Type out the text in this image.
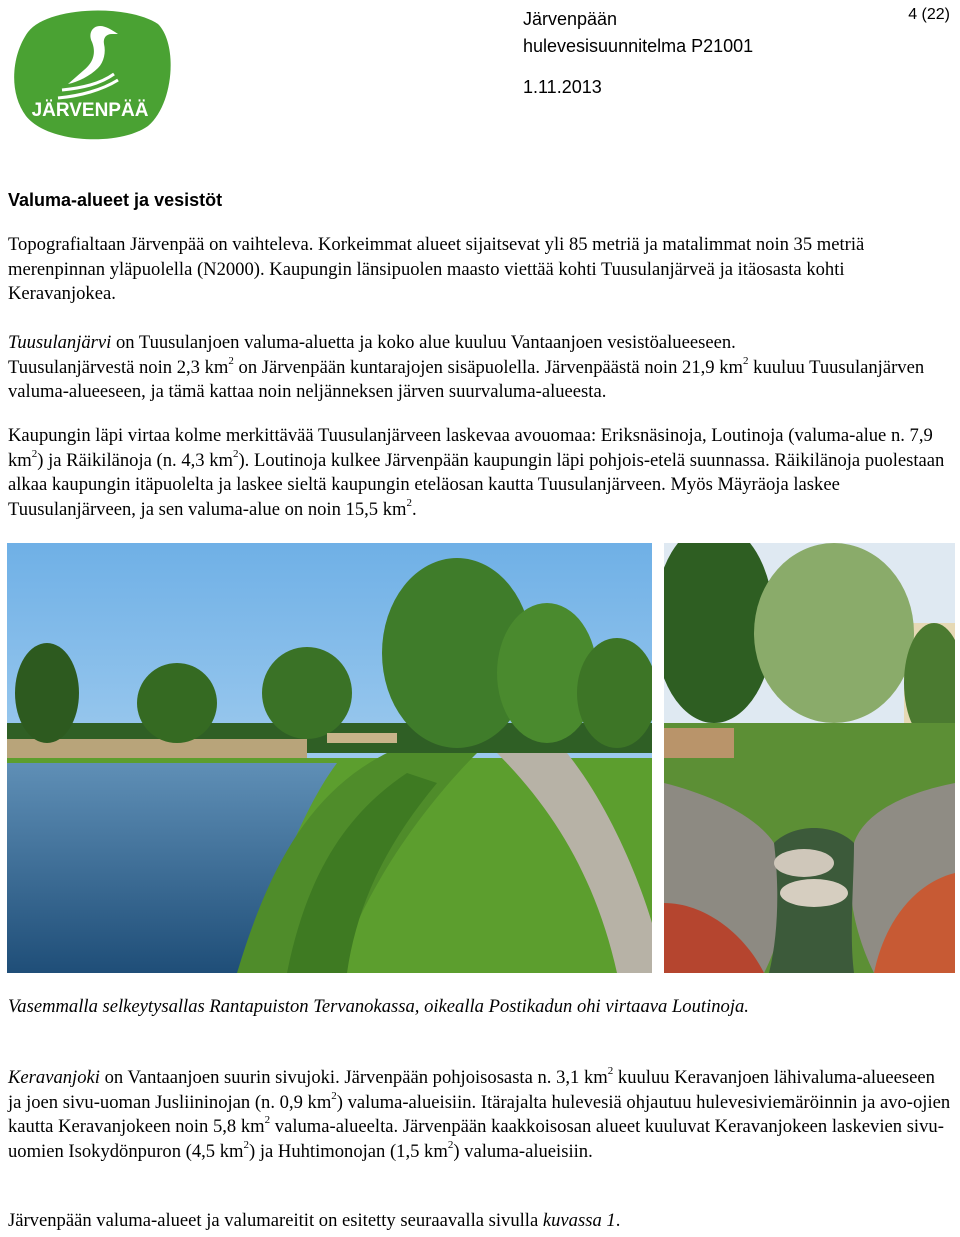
JÄRVENPÄÄ
Järvenpään
hulevesisuunnitelma P21001
1.11.2013
4 (22)
Valuma-alueet ja vesistöt
Topografialtaan Järvenpää on vaihteleva. Korkeimmat alueet sijaitsevat yli 85 metriä ja matalimmat noin 35 metriä merenpinnan yläpuolella (N2000). Kaupungin länsipuolen maasto viettää kohti Tuusulanjärveä ja itäosasta kohti Keravanjokea.
Tuusulanjärvi on Tuusulanjoen valuma-aluetta ja koko alue kuuluu Vantaanjoen vesistöalueeseen.
Tuusulanjärvestä noin 2,3 $km^2$ on Järvenpään kuntarajojen sisäpuolella. Järvenpäästä noin 21,9 $km^2$ kuuluu Tuusulanjärven valuma-alueeseen, ja tämä kattaa noin neljänneksen järven suurvaluma-alueesta.
Kaupungin läpi virtaa kolme merkittävää Tuusulanjärveen laskevaa avouomaa: Eriksnäsinoja, Loutinoja (valuma-alue n. 7,9 $km^2$) ja Räikilänoja (n. 4,3 $km^2$). Loutinoja kulkee Järvenpään kaupungin läpi pohjois-etelä suunnassa. Räikilänoja puolestaan alkaa kaupungin itäpuolelta ja laskee sieltä kaupungin eteläosan kautta Tuusulanjärveen. Myös Mäyräoja laskee Tuusulanjärveen, ja sen valuma-alue on noin 15,5 $km^2$.
Vasemmalla selkeytysallas Rantapuiston Tervanokassa, oikealla Postikadun ohi virtaava Loutinoja.
Keravanjoki on Vantaanjoen suurin sivujoki. Järvenpään pohjoisosasta n. 3,1 $km^2$ kuuluu Keravanjoen lähivaluma-alueeseen ja joen sivu-uoman Jusliininojan (n. 0,9 $km^2$) valuma-alueisiin. Itärajalta hulevesiä ohjautuu hulevesiviemäröinnin ja avo-ojien kautta Keravanjokeen noin 5,8 $km^2$ valuma-alueelta. Järvenpään kaakkoisosan alueet kuuluvat Keravanjokeen laskevien sivu-uomien Isokydönpuron (4,5 $km^2$) ja Huhtimonojan (1,5 $km^2$) valuma-alueisiin.
Järvenpään valuma-alueet ja valumareitit on esitetty seuraavalla sivulla kuvassa 1.
